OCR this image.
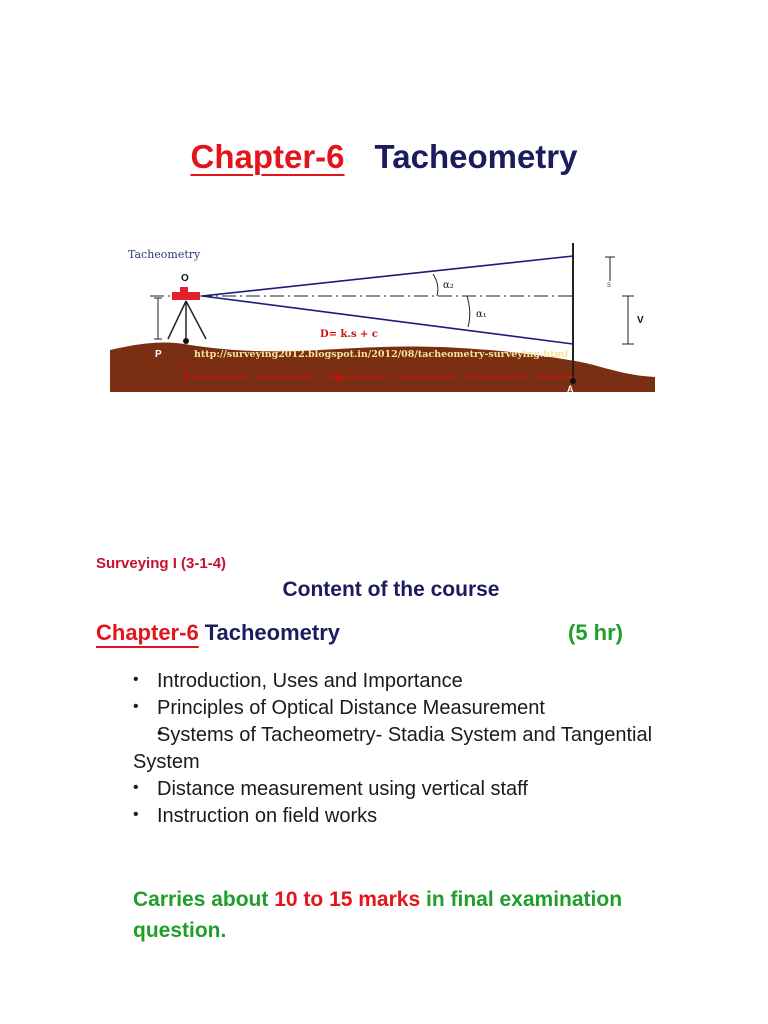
Chapter-6 Tacheometry
Tacheometry
O
α₂
α₁
D= k.s + c
http://surveying2012.blogspot.in/2012/08/tacheometry-surveying.html
P
A
D
s
V
Surveying I (3-1-4)
Content of the course
Chapter-6 Tacheometry	(5 hr)
• Introduction, Uses and Importance
• Principles of Optical Distance Measurement
• Systems of Tacheometry- Stadia System and Tangential System
• Distance measurement using vertical staff
• Instruction on field works
Carries about 10 to 15 marks in final examination question.
